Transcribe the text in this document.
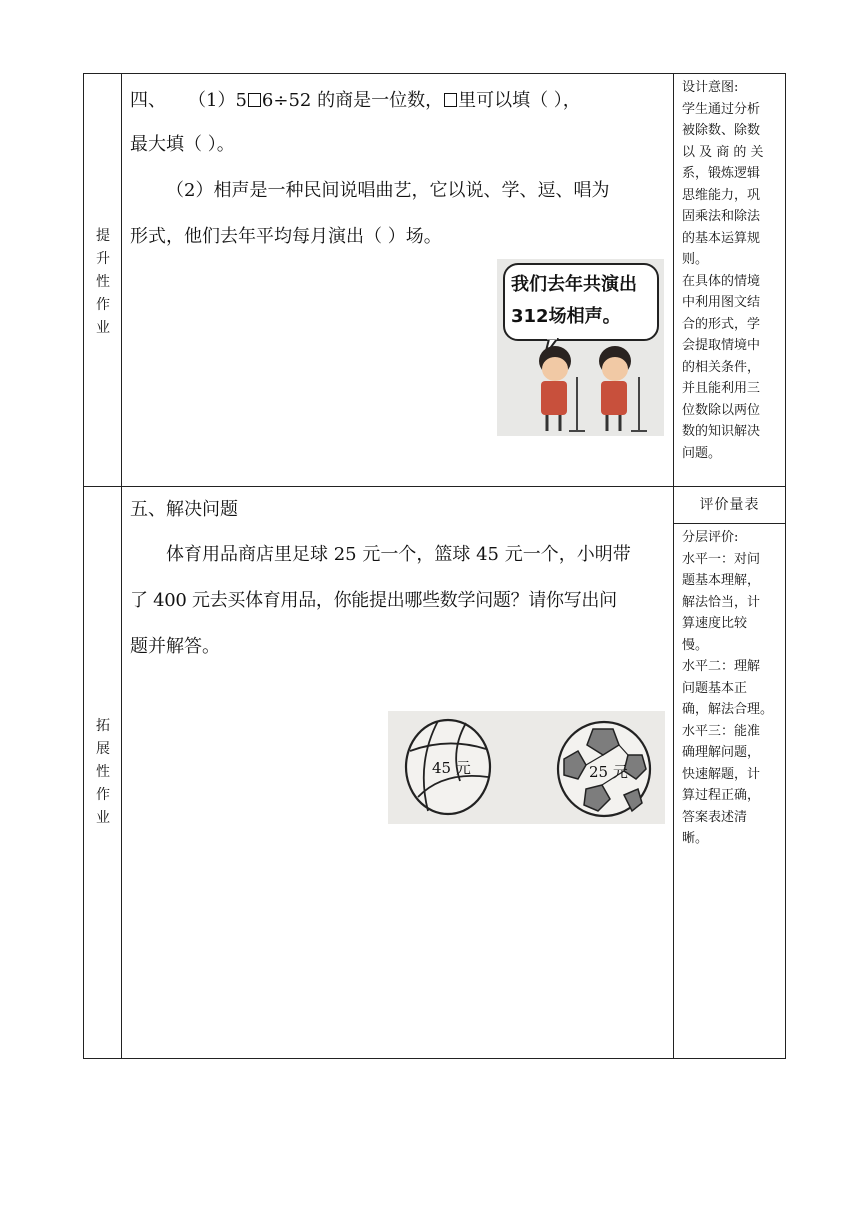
提
升
性
作
业
四、 （1）5 6÷52 的商是一位数， 里可以填（ ），
最大填（ ）。
（2）相声是一种民间说唱曲艺，它以说、学、逗、唱为
形式，他们去年平均每月演出（ ）场。
我们去年共演出
312场相声。
设计意图:
学生通过分析
被除数、除数
以 及 商 的 关
系，锻炼逻辑
思维能力，巩
固乘法和除法
的基本运算规
则。
在具体的情境
中利用图文结
合的形式，学
会提取情境中
的相关条件，
并且能利用三
位数除以两位
数的知识解决
问题。
拓
展
性
作
业
五、解决问题
体育用品商店里足球 25 元一个，篮球 45 元一个，小明带
了 400 元去买体育用品，你能提出哪些数学问题？请你写出问
题并解答。
45 元	25 元
评价量表
分层评价:
水平一：对问
题基本理解，
解法恰当，计
算速度比较
慢。
水平二：理解
问题基本正
确，解法合理。
水平三：能准
确理解问题，
快速解题，计
算过程正确，
答案表述清
晰。
